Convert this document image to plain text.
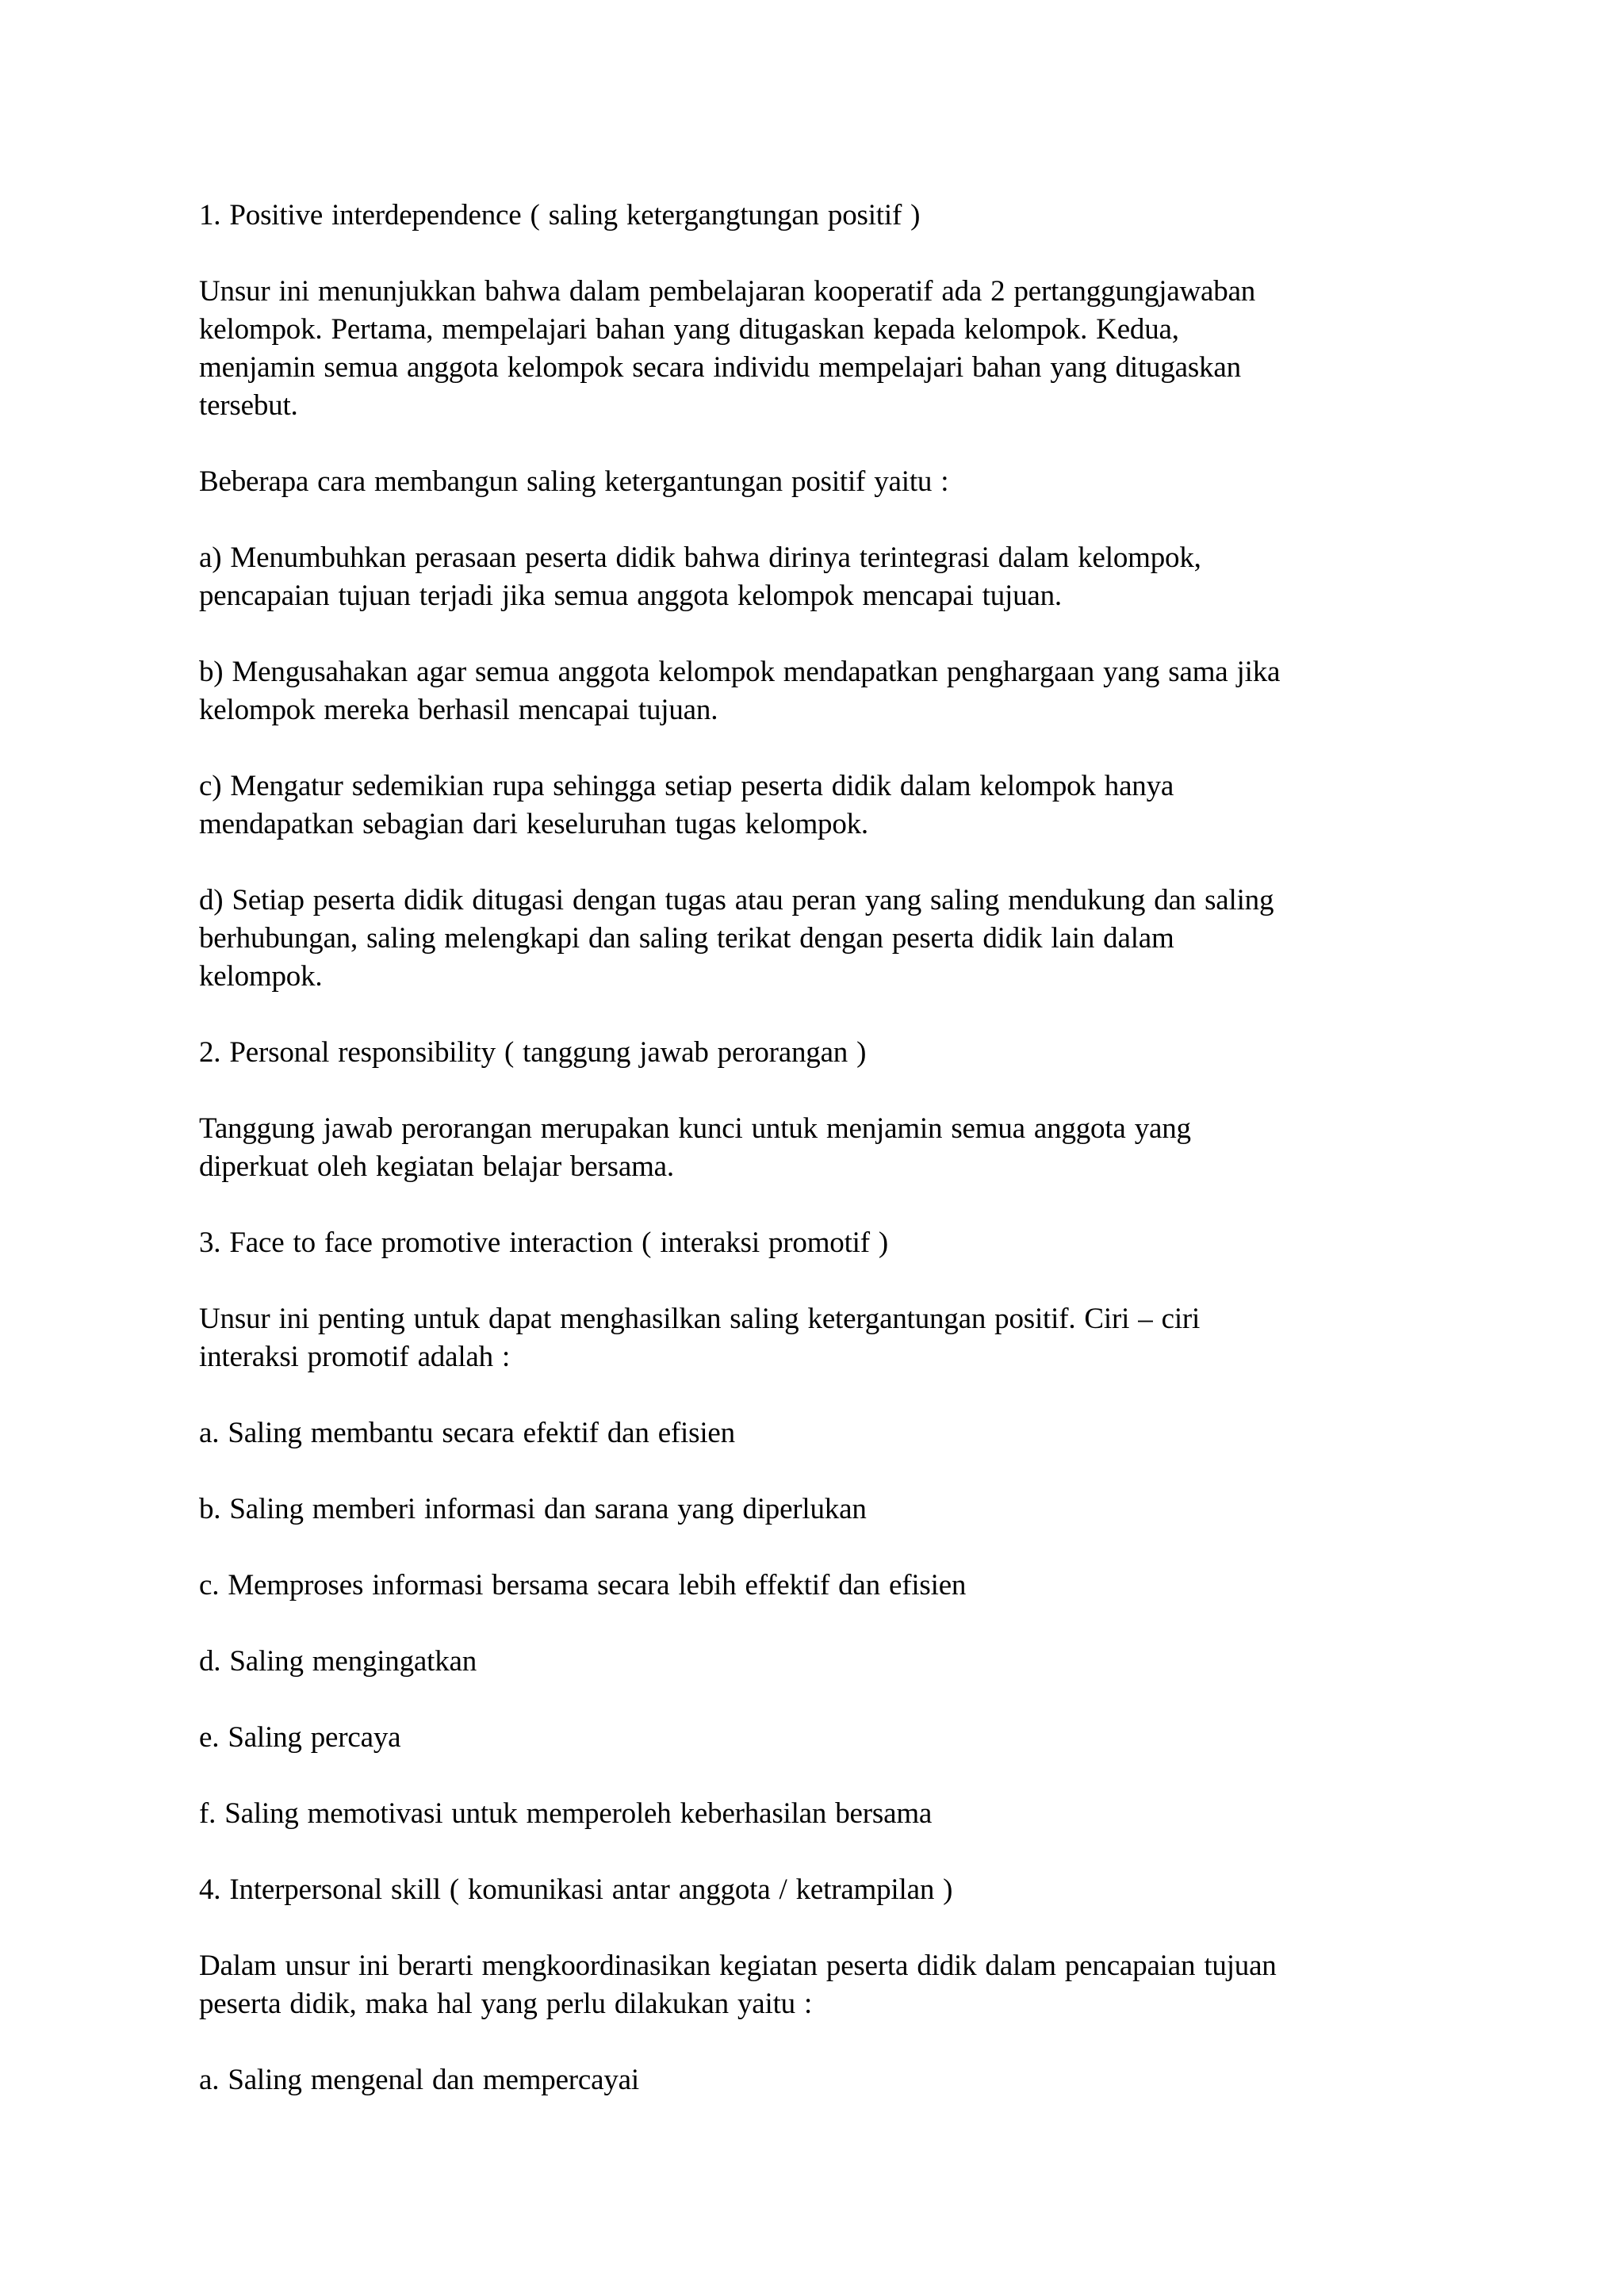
1. Positive interdependence ( saling ketergangtungan positif )
Unsur ini menunjukkan bahwa dalam pembelajaran kooperatif ada 2 pertanggungjawaban
kelompok. Pertama, mempelajari bahan yang ditugaskan kepada kelompok. Kedua,
menjamin semua anggota kelompok secara individu mempelajari bahan yang ditugaskan
tersebut.
Beberapa cara membangun saling ketergantungan positif yaitu :
a) Menumbuhkan perasaan peserta didik bahwa dirinya terintegrasi dalam kelompok,
pencapaian tujuan terjadi jika semua anggota kelompok mencapai tujuan.
b) Mengusahakan agar semua anggota kelompok mendapatkan penghargaan yang sama jika
kelompok mereka berhasil mencapai tujuan.
c) Mengatur sedemikian rupa sehingga setiap peserta didik dalam kelompok hanya
mendapatkan sebagian dari keseluruhan tugas kelompok.
d) Setiap peserta didik ditugasi dengan tugas atau peran yang saling mendukung dan saling
berhubungan, saling melengkapi dan saling terikat dengan peserta didik lain dalam
kelompok.
2. Personal responsibility ( tanggung jawab perorangan )
Tanggung jawab perorangan merupakan kunci untuk menjamin semua anggota yang
diperkuat oleh kegiatan belajar bersama.
3. Face to face promotive interaction ( interaksi promotif )
Unsur ini penting untuk dapat menghasilkan saling ketergantungan positif. Ciri – ciri
interaksi promotif adalah :
a. Saling membantu secara efektif dan efisien
b. Saling memberi informasi dan sarana yang diperlukan
c. Memproses informasi bersama secara lebih effektif dan efisien
d. Saling mengingatkan
e. Saling percaya
f. Saling memotivasi untuk memperoleh keberhasilan bersama
4. Interpersonal skill ( komunikasi antar anggota / ketrampilan )
Dalam unsur ini berarti mengkoordinasikan kegiatan peserta didik dalam pencapaian tujuan
peserta didik, maka hal yang perlu dilakukan yaitu :
a. Saling mengenal dan mempercayai
